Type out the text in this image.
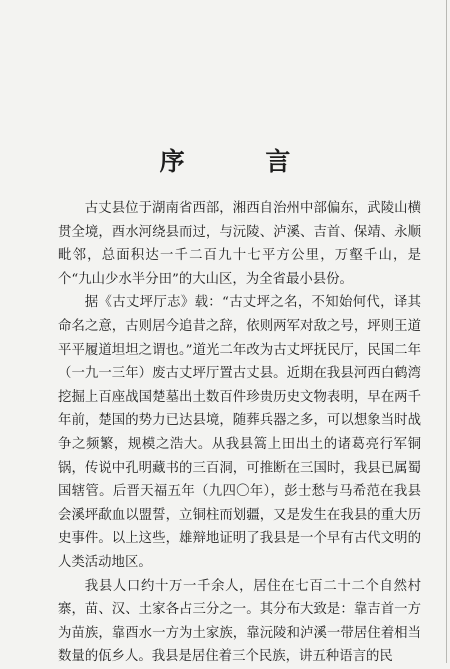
序 言

古丈县位于湖南省西部，湘西自治州中部偏东，武陵山横贯全境，酉水河绕县而过，与沅陵、泸溪、吉首、保靖、永顺毗邻，总面积达一千二百九十七平方公里，万壑千山，是个“九山少水半分田”的大山区，为全省最小县份。

据《古丈坪厅志》载：“古丈坪之名，不知始何代，译其命名之意，古则居今追昔之辞，依则两军对敌之号，坪则王道平平履道坦坦之谓也。”道光二年改为古丈坪抚民厅，民国二年（一九一三年）废古丈坪厅置古丈县。近期在我县河西白鹤湾挖掘上百座战国楚墓出土数百件珍贵历史文物表明，早在两千年前，楚国的势力已达县境，随葬兵器之多，可以想象当时战争之频繁，规模之浩大。从我县篙上田出土的诸葛亮行军铜锅，传说中孔明藏书的三百洞，可推断在三国时，我县已属蜀国辖管。后晋天福五年（九四〇年），彭士愁与马希范在我县会溪坪歃血以盟誓，立铜柱而划疆，又是发生在我县的重大历史事件。以上这些，雄辩地证明了我县是一个早有古代文明的人类活动地区。

我县人口约十万一千余人，居住在七百二十二个自然村寨，苗、汉、土家各占三分之一。其分布大致是：靠吉首一方为苗族，靠酉水一方为土家族，靠沅陵和泸溪一带居住着相当数量的佤乡人。我县是居住着三个民族，讲五种语言的民
